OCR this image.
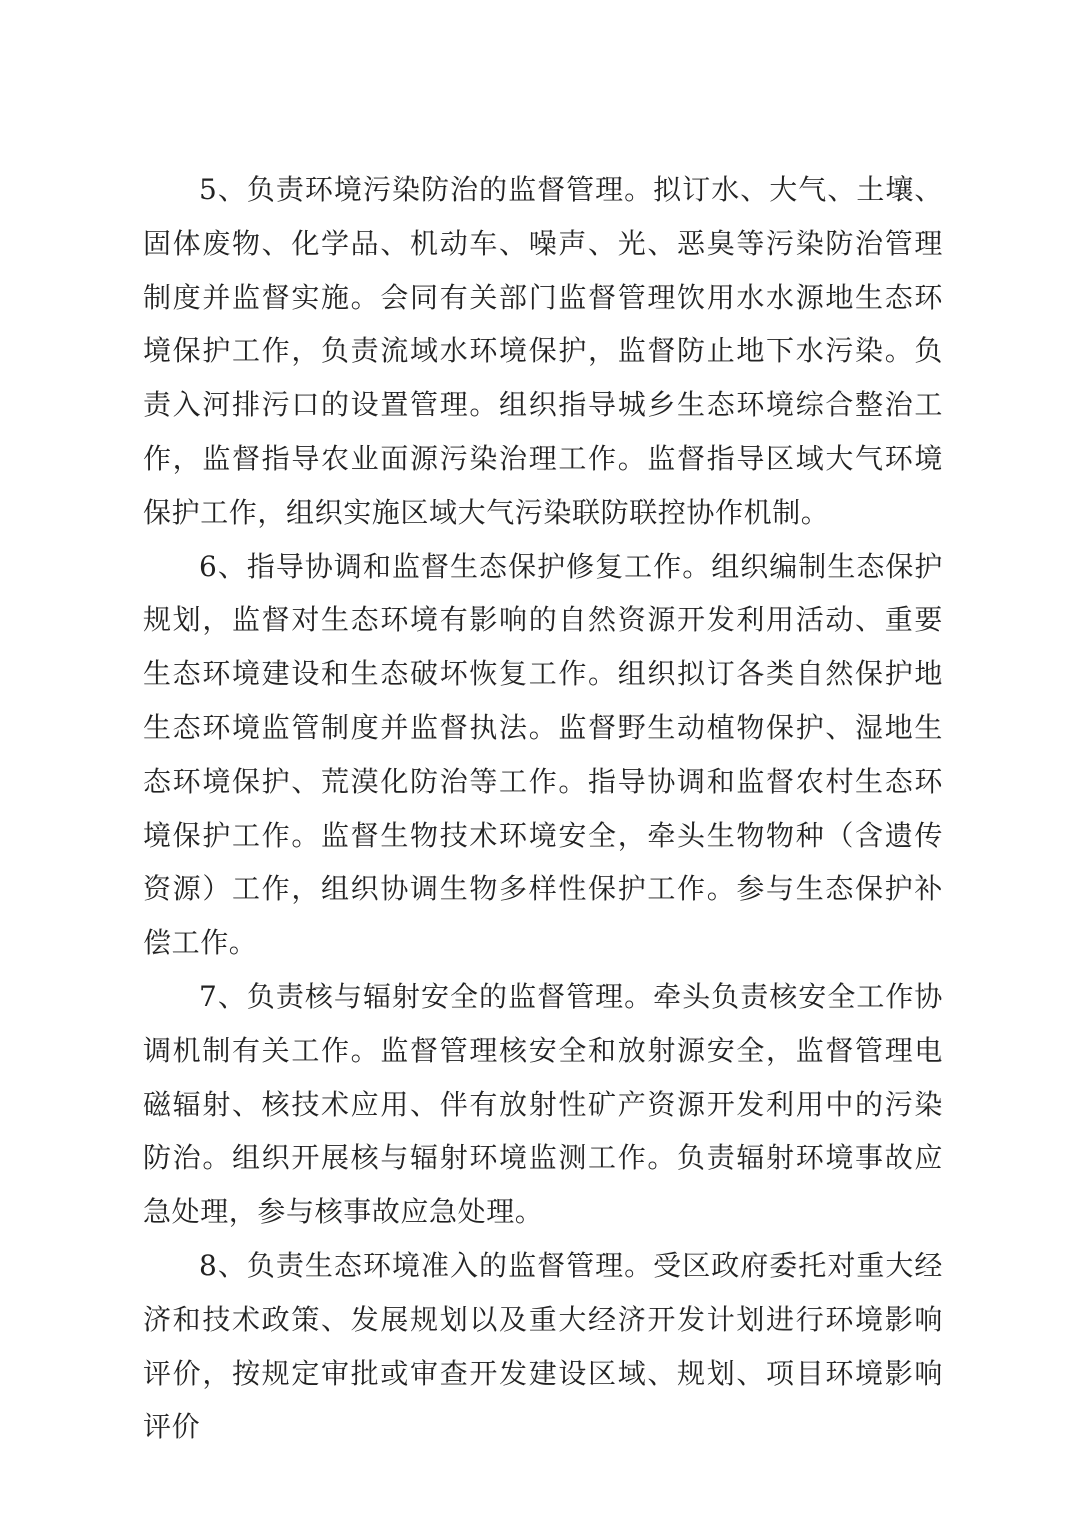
5、负责环境污染防治的监督管理。拟订水、大气、土壤、固体废物、化学品、机动车、噪声、光、恶臭等污染防治管理制度并监督实施。会同有关部门监督管理饮用水水源地生态环境保护工作，负责流域水环境保护，监督防止地下水污染。负责入河排污口的设置管理。组织指导城乡生态环境综合整治工作，监督指导农业面源污染治理工作。监督指导区域大气环境保护工作，组织实施区域大气污染联防联控协作机制。

6、指导协调和监督生态保护修复工作。组织编制生态保护规划，监督对生态环境有影响的自然资源开发利用活动、重要生态环境建设和生态破坏恢复工作。组织拟订各类自然保护地生态环境监管制度并监督执法。监督野生动植物保护、湿地生态环境保护、荒漠化防治等工作。指导协调和监督农村生态环境保护工作。监督生物技术环境安全，牵头生物物种（含遗传资源）工作，组织协调生物多样性保护工作。参与生态保护补偿工作。

7、负责核与辐射安全的监督管理。牵头负责核安全工作协调机制有关工作。监督管理核安全和放射源安全，监督管理电磁辐射、核技术应用、伴有放射性矿产资源开发利用中的污染防治。组织开展核与辐射环境监测工作。负责辐射环境事故应急处理，参与核事故应急处理。

8、负责生态环境准入的监督管理。受区政府委托对重大经济和技术政策、发展规划以及重大经济开发计划进行环境影响评价，按规定审批或审查开发建设区域、规划、项目环境影响评价
